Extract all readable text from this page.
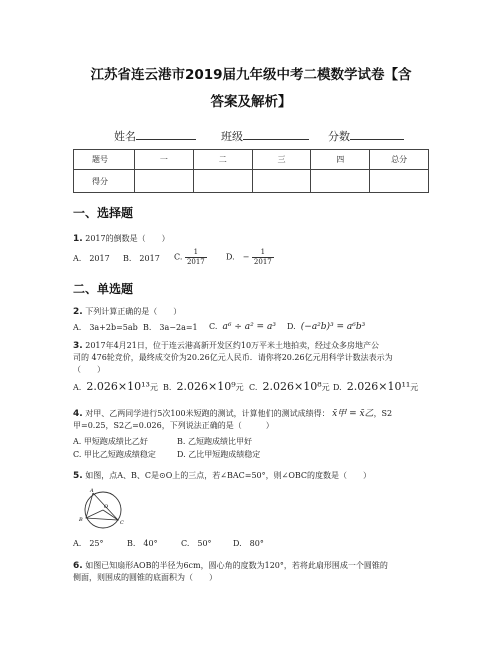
江苏省连云港市2019届九年级中考二模数学试卷【含
答案及解析】
姓名	班级	分数
题号	一	二	三	四	总分
得分					
一、选择题
1. 2017的倒数是（　　）
A.　2017 B.　2017 C. $\frac{1}{2017} D$.　− $\frac{1}{2017}$
二、单选题
2. 下列计算正确的是（　　）
A.　3a+2b=5ab B.　3a−2a=1 C. a⁶ ÷ a² = a³ D. (−a²b)³ = a⁶b³
3. 2017年4月21日，位于连云港高新开发区约10万平米土地拍卖，经过众多房地产公
司的 476轮竞价，最终成交价为20.26亿元人民币．请你将20.26亿元用科学计数法表示为
（　　）
A. 2.026×10¹³元 B. 2.026×10⁹元 C. 2.026×10⁸元 D. 2.026×10¹¹元
4. 对甲、乙两同学进行5次100米短跑的测试，计算他们的测试成绩得： x̄甲 = x̄乙，S2
甲=0.25，S2乙=0.026，下列说法正确的是（　　　）
A. 甲短跑成绩比乙好	B. 乙短跑成绩比甲好
C. 甲比乙短跑成绩稳定	D. 乙比甲短跑成绩稳定
5. 如图，点A、B、C是⊙O上的三点，若∠BAC=50°，则∠OBC的度数是（　　）
A
B	C
O
A.　25°	B.　40°	C.　50°	D.　80°
6. 如图已知扇形AOB的半径为6cm，圆心角的度数为120°，若将此扇形围成一个圆锥的
侧面，则围成的圆锥的底面积为（　　）
